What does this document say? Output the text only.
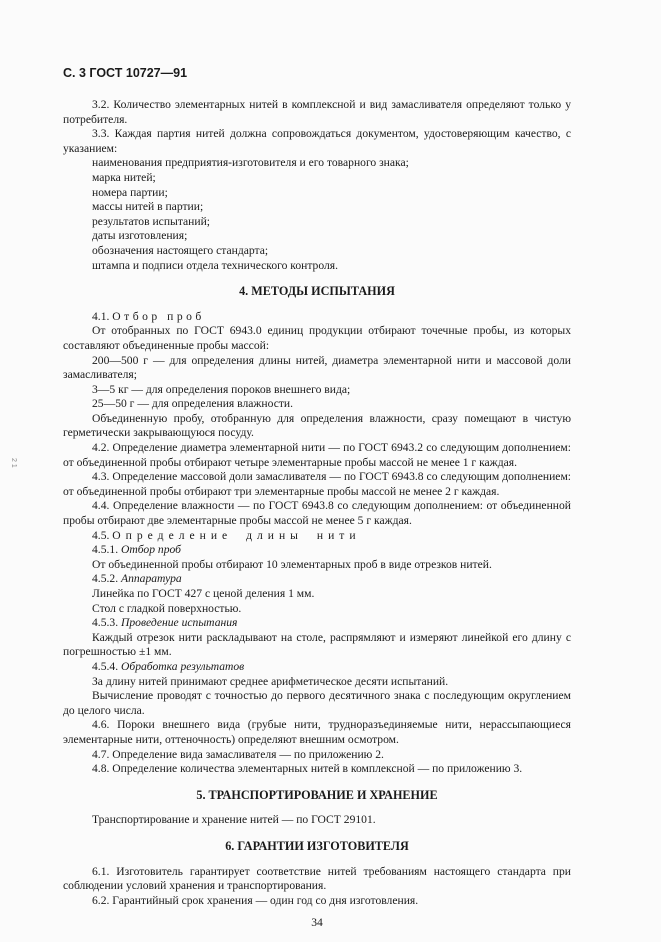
С. 3 ГОСТ 10727—91
2 1

3.2. Количество элементарных нитей в комплексной и вид замасливателя определяют только у потребителя.

3.3. Каждая партия нитей должна сопровождаться документом, удостоверяющим качество, с указанием:

наименования предприятия-изготовителя и его товарного знака;

марка нитей;

номера партии;

массы нитей в партии;

результатов испытаний;

даты изготовления;

обозначения настоящего стандарта;

штампа и подписи отдела технического контроля.

4. МЕТОДЫ ИСПЫТАНИЯ

4.1. Отбор проб

От отобранных по ГОСТ 6943.0 единиц продукции отбирают точечные пробы, из которых составляют объединенные пробы массой:

200—500 г — для определения длины нитей, диаметра элементарной нити и массовой доли замасливателя;

3—5 кг — для определения пороков внешнего вида;

25—50 г — для определения влажности.

Объединенную пробу, отобранную для определения влажности, сразу помещают в чистую герметически закрывающуюся посуду.

4.2. Определение диаметра элементарной нити — по ГОСТ 6943.2 со следующим дополнением: от объединенной пробы отбирают четыре элементарные пробы массой не менее 1 г каждая.

4.3. Определение массовой доли замасливателя — по ГОСТ 6943.8 со следующим дополнением: от объединенной пробы отбирают три элементарные пробы массой не менее 2 г каждая.

4.4. Определение влажности — по ГОСТ 6943.8 со следующим дополнением: от объединенной пробы отбирают две элементарные пробы массой не менее 5 г каждая.

4.5. Определение длины нити

4.5.1. Отбор проб

От объединенной пробы отбирают 10 элементарных проб в виде отрезков нитей.

4.5.2. Аппаратура

Линейка по ГОСТ 427 с ценой деления 1 мм.

Стол с гладкой поверхностью.

4.5.3. Проведение испытания

Каждый отрезок нити раскладывают на столе, распрямляют и измеряют линейкой его длину с погрешностью ±1 мм.

4.5.4. Обработка результатов

За длину нитей принимают среднее арифметическое десяти испытаний.

Вычисление проводят с точностью до первого десятичного знака с последующим округлением до целого числа.

4.6. Пороки внешнего вида (грубые нити, трудноразъединяемые нити, нерассыпающиеся элементарные нити, оттеночность) определяют внешним осмотром.

4.7. Определение вида замасливателя — по приложению 2.

4.8. Определение количества элементарных нитей в комплексной — по приложению 3.

5. ТРАНСПОРТИРОВАНИЕ И ХРАНЕНИЕ

Транспортирование и хранение нитей — по ГОСТ 29101.

6. ГАРАНТИИ ИЗГОТОВИТЕЛЯ

6.1. Изготовитель гарантирует соответствие нитей требованиям настоящего стандарта при соблюдении условий хранения и транспортирования.

6.2. Гарантийный срок хранения — один год со дня изготовления.

34
